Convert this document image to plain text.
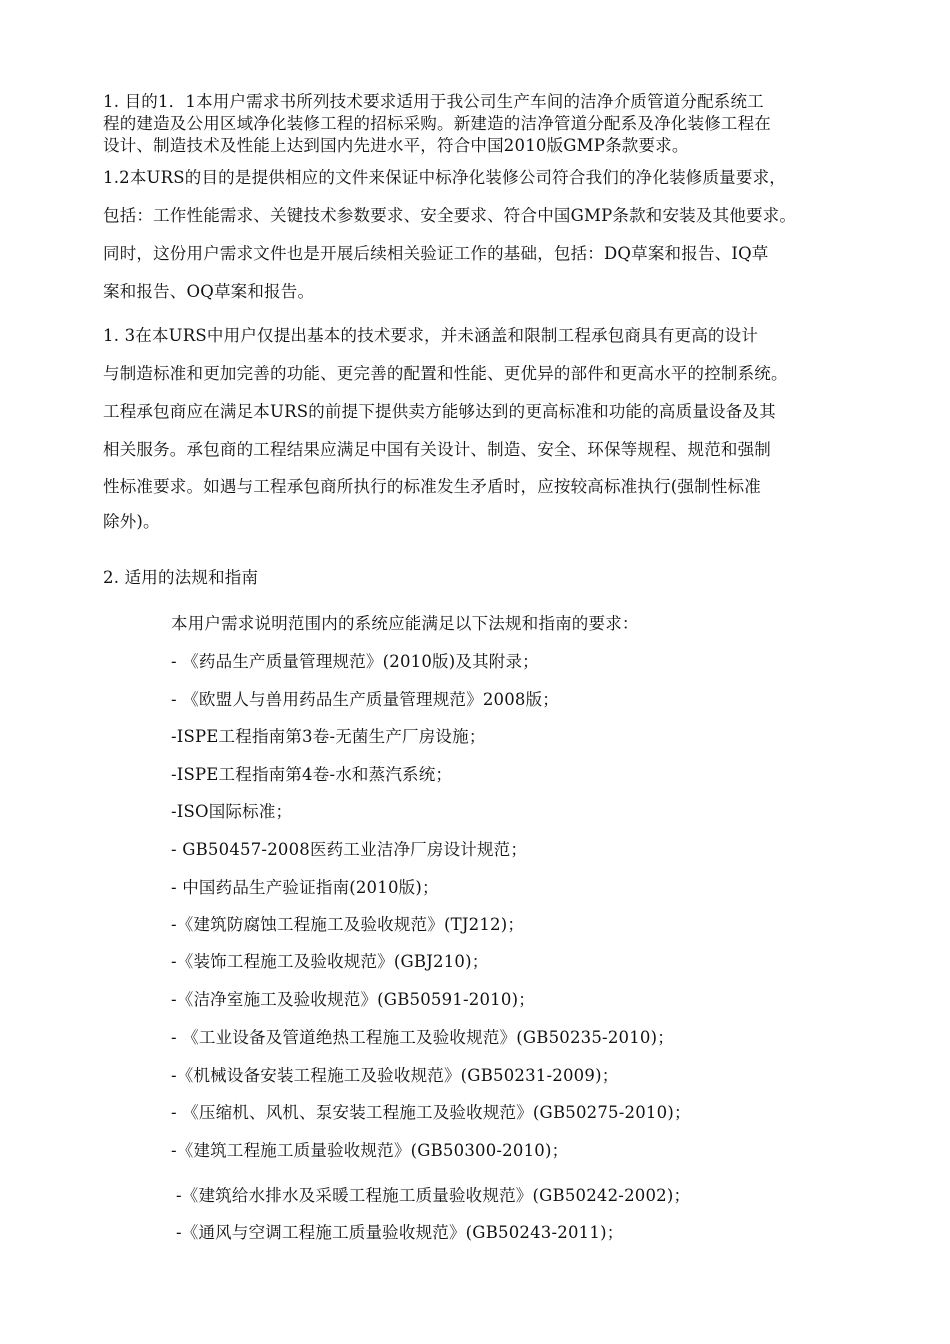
1. 目的1．1本用户需求书所列技术要求适用于我公司生产车间的洁净介质管道分配系统工
程的建造及公用区域净化装修工程的招标采购。新建造的洁净管道分配系及净化装修工程在
设计、制造技术及性能上达到国内先进水平，符合中国2010版GMP条款要求。
1.2本URS的目的是提供相应的文件来保证中标净化装修公司符合我们的净化装修质量要求，
包括：工作性能需求、关键技术参数要求、安全要求、符合中国GMP条款和安装及其他要求。
同时，这份用户需求文件也是开展后续相关验证工作的基础，包括：DQ草案和报告、IQ草
案和报告、OQ草案和报告。
1. 3在本URS中用户仅提出基本的技术要求，并未涵盖和限制工程承包商具有更高的设计
与制造标准和更加完善的功能、更完善的配置和性能、更优异的部件和更高水平的控制系统。
工程承包商应在满足本URS的前提下提供卖方能够达到的更高标准和功能的高质量设备及其
相关服务。承包商的工程结果应满足中国有关设计、制造、安全、环保等规程、规范和强制
性标准要求。如遇与工程承包商所执行的标准发生矛盾时，应按较高标准执行(强制性标准
除外)。
2. 适用的法规和指南
本用户需求说明范围内的系统应能满足以下法规和指南的要求：
- 《药品生产质量管理规范》(2010版)及其附录；
- 《欧盟人与兽用药品生产质量管理规范》2008版；
-ISPE工程指南第3卷-无菌生产厂房设施；
-ISPE工程指南第4卷-水和蒸汽系统；
-ISO国际标准；
- GB50457-2008医药工业洁净厂房设计规范；
- 中国药品生产验证指南(2010版)；
-《建筑防腐蚀工程施工及验收规范》(TJ212)；
-《装饰工程施工及验收规范》(GBJ210)；
-《洁净室施工及验收规范》(GB50591-2010)；
- 《工业设备及管道绝热工程施工及验收规范》(GB50235-2010)；
-《机械设备安装工程施工及验收规范》(GB50231-2009)；
- 《压缩机、风机、泵安装工程施工及验收规范》(GB50275-2010)；
-《建筑工程施工质量验收规范》(GB50300-2010)；
-《建筑给水排水及采暖工程施工质量验收规范》(GB50242-2002)；
-《通风与空调工程施工质量验收规范》(GB50243-2011)；
